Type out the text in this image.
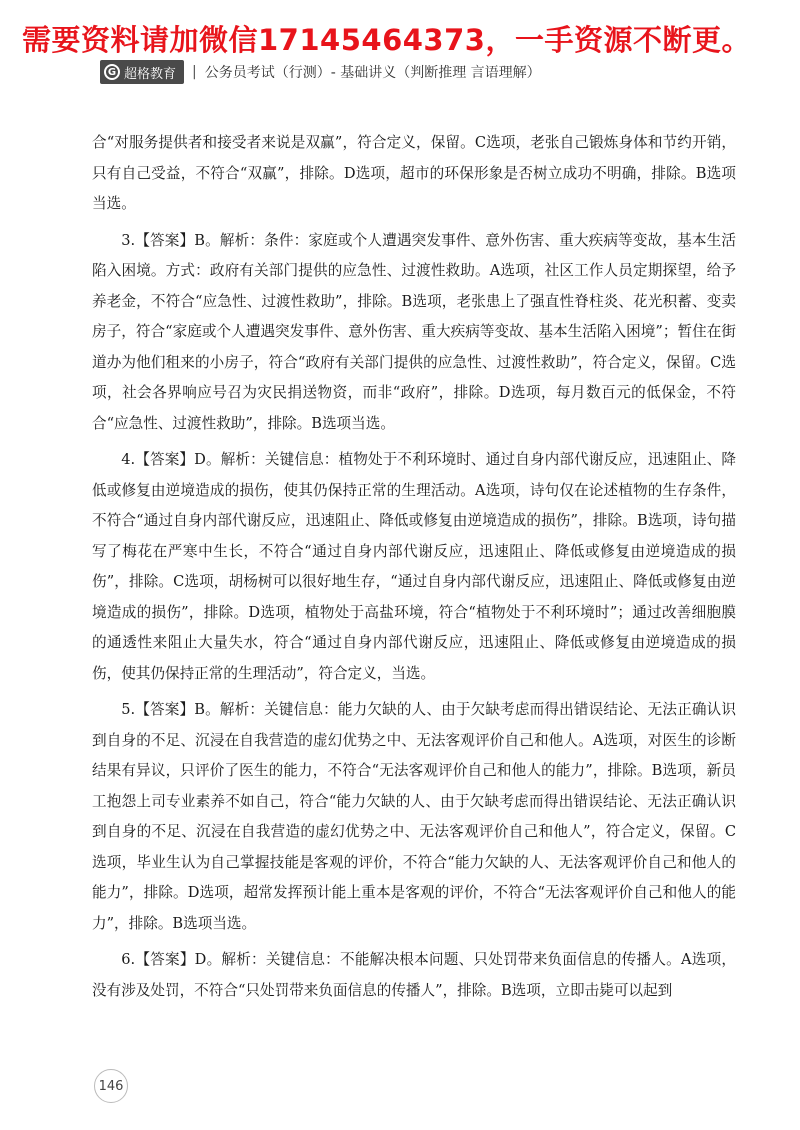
需要资料请加微信17145464373，一手资源不断更。
G 超格教育 | 公务员考试（行测）- 基础讲义（判断推理 言语理解）

合“对服务提供者和接受者来说是双赢”，符合定义，保留。C选项，老张自己锻炼身体和节约开销，只有自己受益，不符合“双赢”，排除。D选项，超市的环保形象是否树立成功不明确，排除。B选项当选。

3.【答案】B。解析：条件：家庭或个人遭遇突发事件、意外伤害、重大疾病等变故，基本生活陷入困境。方式：政府有关部门提供的应急性、过渡性救助。A选项，社区工作人员定期探望，给予养老金，不符合“应急性、过渡性救助”，排除。B选项，老张患上了强直性脊柱炎、花光积蓄、变卖房子，符合“家庭或个人遭遇突发事件、意外伤害、重大疾病等变故、基本生活陷入困境”；暂住在街道办为他们租来的小房子，符合“政府有关部门提供的应急性、过渡性救助”，符合定义，保留。C选项，社会各界响应号召为灾民捐送物资，而非“政府”，排除。D选项，每月数百元的低保金，不符合“应急性、过渡性救助”，排除。B选项当选。

4.【答案】D。解析：关键信息：植物处于不利环境时、通过自身内部代谢反应，迅速阻止、降低或修复由逆境造成的损伤，使其仍保持正常的生理活动。A选项，诗句仅在论述植物的生存条件，不符合“通过自身内部代谢反应，迅速阻止、降低或修复由逆境造成的损伤”，排除。B选项，诗句描写了梅花在严寒中生长，不符合“通过自身内部代谢反应，迅速阻止、降低或修复由逆境造成的损伤”，排除。C选项，胡杨树可以很好地生存，“通过自身内部代谢反应，迅速阻止、降低或修复由逆境造成的损伤”，排除。D选项，植物处于高盐环境，符合“植物处于不利环境时”；通过改善细胞膜的通透性来阻止大量失水，符合“通过自身内部代谢反应，迅速阻止、降低或修复由逆境造成的损伤，使其仍保持正常的生理活动”，符合定义，当选。

5.【答案】B。解析：关键信息：能力欠缺的人、由于欠缺考虑而得出错误结论、无法正确认识到自身的不足、沉浸在自我营造的虚幻优势之中、无法客观评价自己和他人。A选项，对医生的诊断结果有异议，只评价了医生的能力，不符合“无法客观评价自己和他人的能力”，排除。B选项，新员工抱怨上司专业素养不如自己，符合“能力欠缺的人、由于欠缺考虑而得出错误结论、无法正确认识到自身的不足、沉浸在自我营造的虚幻优势之中、无法客观评价自己和他人”，符合定义，保留。C选项，毕业生认为自己掌握技能是客观的评价，不符合“能力欠缺的人、无法客观评价自己和他人的能力”，排除。D选项，超常发挥预计能上重本是客观的评价，不符合“无法客观评价自己和他人的能力”，排除。B选项当选。

6.【答案】D。解析：关键信息：不能解决根本问题、只处罚带来负面信息的传播人。A选项，没有涉及处罚，不符合“只处罚带来负面信息的传播人”，排除。B选项，立即击毙可以起到

146
